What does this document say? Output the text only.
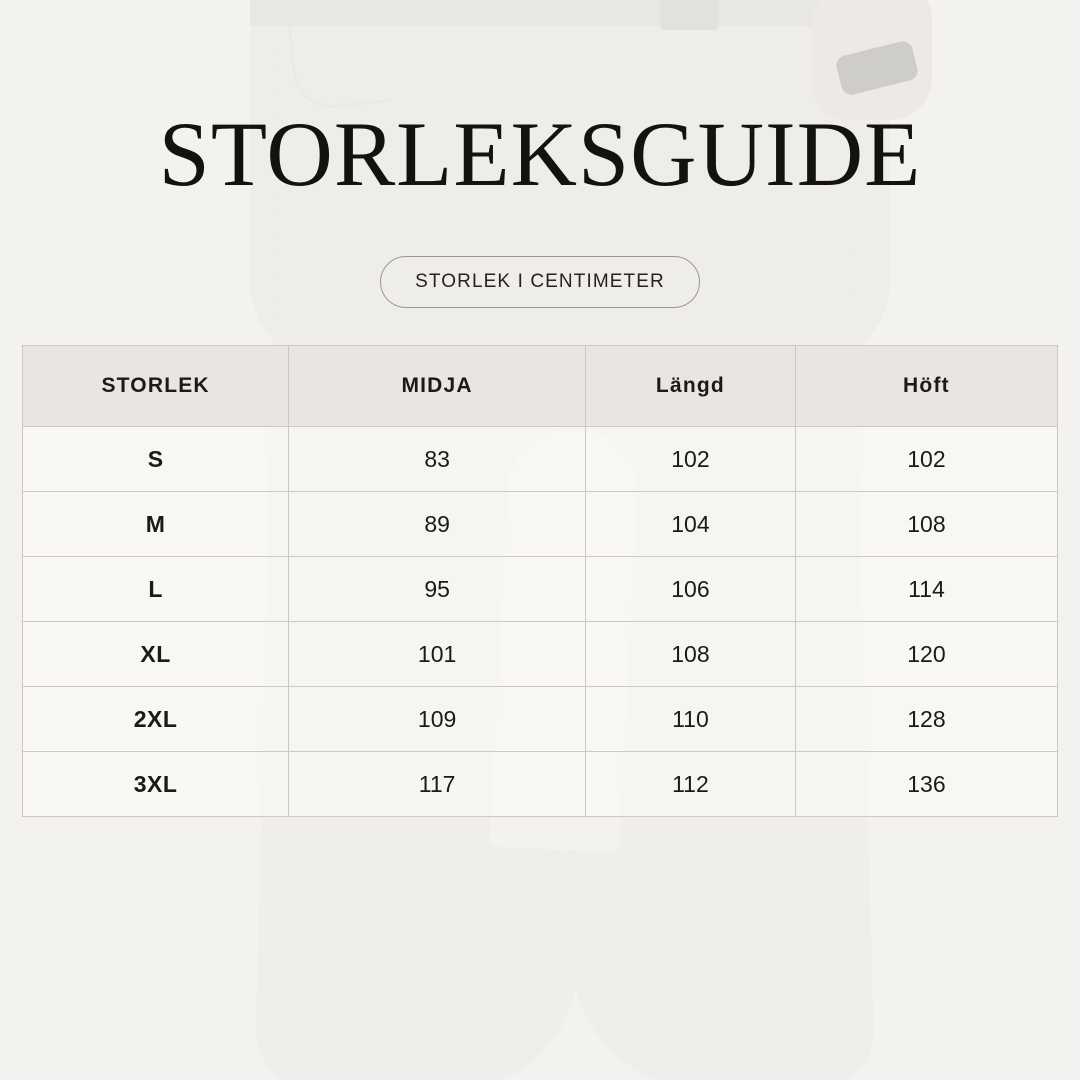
STORLEKSGUIDE
STORLEK I CENTIMETER
STORLEK	MIDJA	Längd	Höft
S	83	102	102
M	89	104	108
L	95	106	114
XL	101	108	120
2XL	109	110	128
3XL	117	112	136
